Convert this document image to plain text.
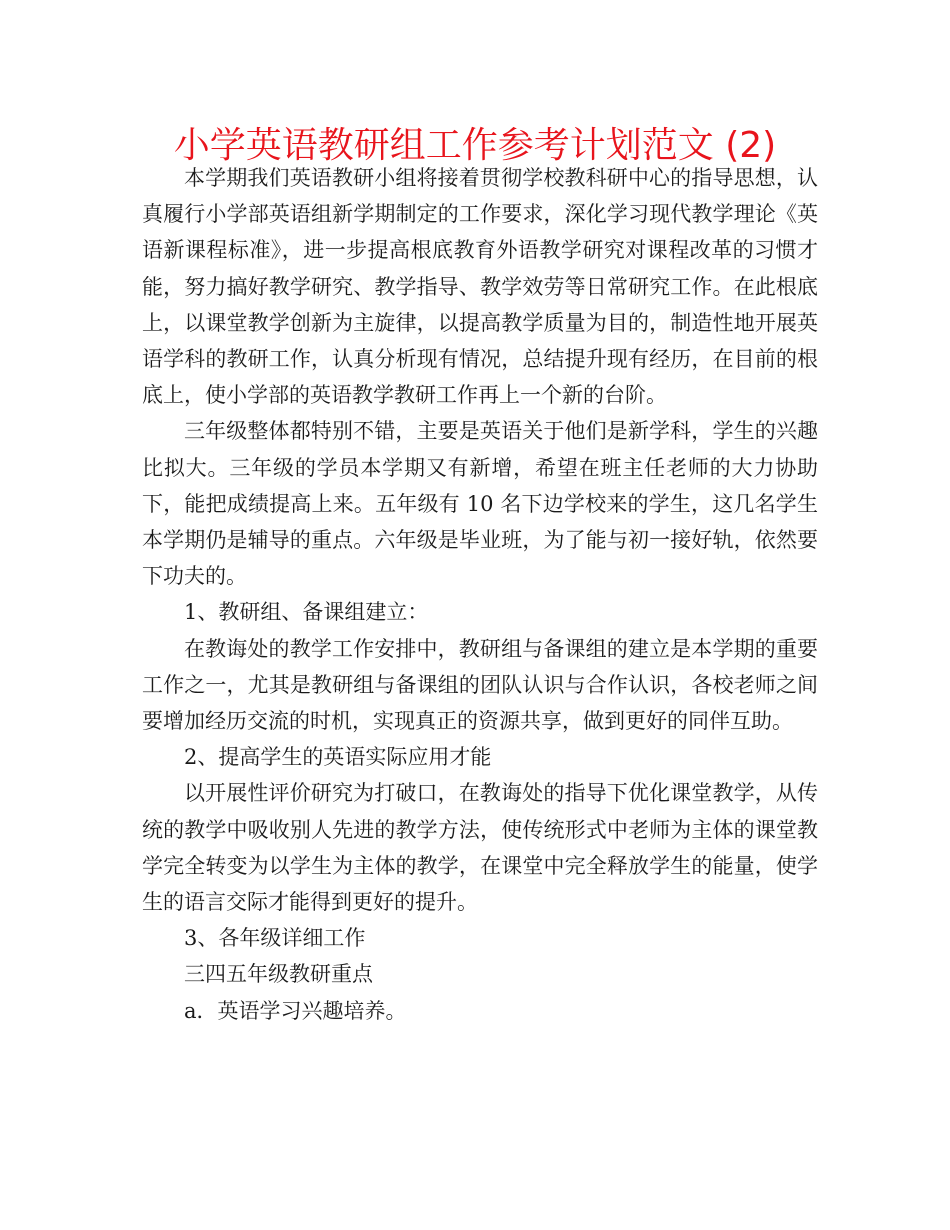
小学英语教研组工作参考计划范文 (2)

本学期我们英语教研小组将接着贯彻学校教科研中心的指导思想，认真履行小学部英语组新学期制定的工作要求，深化学习现代教学理论《英语新课程标准》，进一步提高根底教育外语教学研究对课程改革的习惯才能，努力搞好教学研究、教学指导、教学效劳等日常研究工作。在此根底上，以课堂教学创新为主旋律，以提高教学质量为目的，制造性地开展英语学科的教研工作，认真分析现有情况，总结提升现有经历，在目前的根底上，使小学部的英语教学教研工作再上一个新的台阶。

三年级整体都特别不错，主要是英语关于他们是新学科，学生的兴趣比拟大。三年级的学员本学期又有新增，希望在班主任老师的大力协助下，能把成绩提高上来。五年级有 10 名下边学校来的学生，这几名学生本学期仍是辅导的重点。六年级是毕业班，为了能与初一接好轨，依然要下功夫的。

1、教研组、备课组建立：

在教诲处的教学工作安排中，教研组与备课组的建立是本学期的重要工作之一，尤其是教研组与备课组的团队认识与合作认识，各校老师之间要增加经历交流的时机，实现真正的资源共享，做到更好的同伴互助。

2、提高学生的英语实际应用才能

以开展性评价研究为打破口，在教诲处的指导下优化课堂教学，从传统的教学中吸收别人先进的教学方法，使传统形式中老师为主体的课堂教学完全转变为以学生为主体的教学，在课堂中完全释放学生的能量，使学生的语言交际才能得到更好的提升。

3、各年级详细工作

三四五年级教研重点

a．英语学习兴趣培养。
